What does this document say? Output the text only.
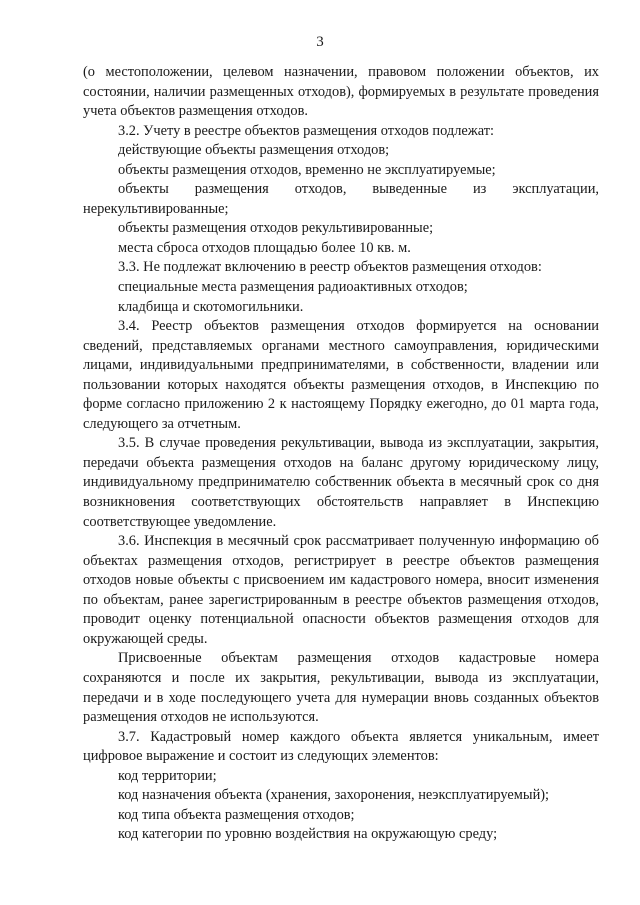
3

(о местоположении, целевом назначении, правовом положении объектов, их состоянии, наличии размещенных отходов), формируемых в результате проведения учета объектов размещения отходов.

3.2. Учету в реестре объектов размещения отходов подлежат:

действующие объекты размещения отходов;

объекты размещения отходов, временно не эксплуатируемые;

объекты размещения отходов, выведенные из эксплуатации,

нерекультивированные;

объекты размещения отходов рекультивированные;

места сброса отходов площадью более 10 кв. м.

3.3. Не подлежат включению в реестр объектов размещения отходов:

специальные места размещения радиоактивных отходов;

кладбища и скотомогильники.

3.4. Реестр объектов размещения отходов формируется на основании сведений, представляемых органами местного самоуправления, юридическими лицами, индивидуальными предпринимателями, в собственности, владении или пользовании которых находятся объекты размещения отходов, в Инспекцию по форме согласно приложению 2 к настоящему Порядку ежегодно, до 01 марта года, следующего за отчетным.

3.5. В случае проведения рекультивации, вывода из эксплуатации, закрытия, передачи объекта размещения отходов на баланс другому юридическому лицу, индивидуальному предпринимателю собственник объекта в месячный срок со дня возникновения соответствующих обстоятельств направляет в Инспекцию соответствующее уведомление.

3.6. Инспекция в месячный срок рассматривает полученную информацию об объектах размещения отходов, регистрирует в реестре объектов размещения отходов новые объекты с присвоением им кадастрового номера, вносит изменения по объектам, ранее зарегистрированным в реестре объектов размещения отходов, проводит оценку потенциальной опасности объектов размещения отходов для окружающей среды.

Присвоенные объектам размещения отходов кадастровые номера сохраняются и после их закрытия, рекультивации, вывода из эксплуатации, передачи и в ходе последующего учета для нумерации вновь созданных объектов размещения отходов не используются.

3.7. Кадастровый номер каждого объекта является уникальным, имеет цифровое выражение и состоит из следующих элементов:

код территории;

код назначения объекта (хранения, захоронения, неэксплуатируемый);

код типа объекта размещения отходов;

код категории по уровню воздействия на окружающую среду;
